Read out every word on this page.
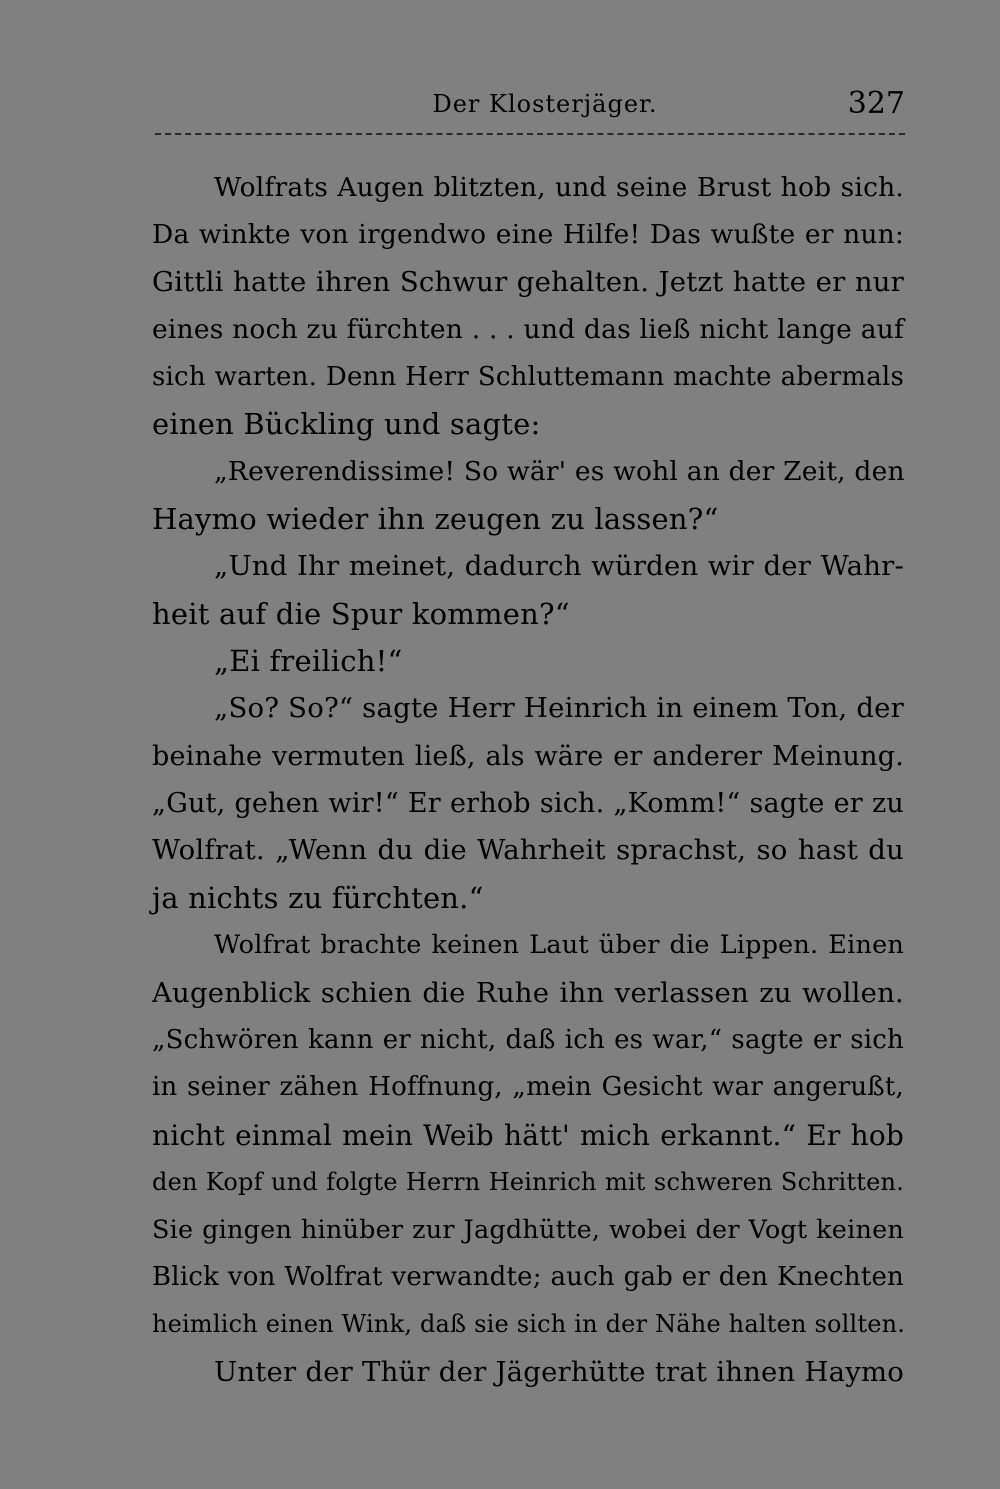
Der Klosterjäger.	327
Wolfrats Augen blitzten, und seine Brust hob sich.
Da winkte von irgendwo eine Hilfe! Das wußte er nun:
Gittli hatte ihren Schwur gehalten. Jetzt hatte er nur
eines noch zu fürchten . . . und das ließ nicht lange auf
sich warten. Denn Herr Schluttemann machte abermals
einen Bückling und sagte:
„Reverendissime! So wär' es wohl an der Zeit, den
Haymo wieder ihn zeugen zu lassen?“
„Und Ihr meinet, dadurch würden wir der Wahr-
heit auf die Spur kommen?“
„Ei freilich!“
„So? So?“ sagte Herr Heinrich in einem Ton, der
beinahe vermuten ließ, als wäre er anderer Meinung.
„Gut, gehen wir!“ Er erhob sich. „Komm!“ sagte er zu
Wolfrat. „Wenn du die Wahrheit sprachst, so hast du
ja nichts zu fürchten.“
Wolfrat brachte keinen Laut über die Lippen. Einen
Augenblick schien die Ruhe ihn verlassen zu wollen.
„Schwören kann er nicht, daß ich es war,“ sagte er sich
in seiner zähen Hoffnung, „mein Gesicht war angerußt,
nicht einmal mein Weib hätt' mich erkannt.“ Er hob
den Kopf und folgte Herrn Heinrich mit schweren Schritten.
Sie gingen hinüber zur Jagdhütte, wobei der Vogt keinen
Blick von Wolfrat verwandte; auch gab er den Knechten
heimlich einen Wink, daß sie sich in der Nähe halten sollten.
Unter der Thür der Jägerhütte trat ihnen Haymo
